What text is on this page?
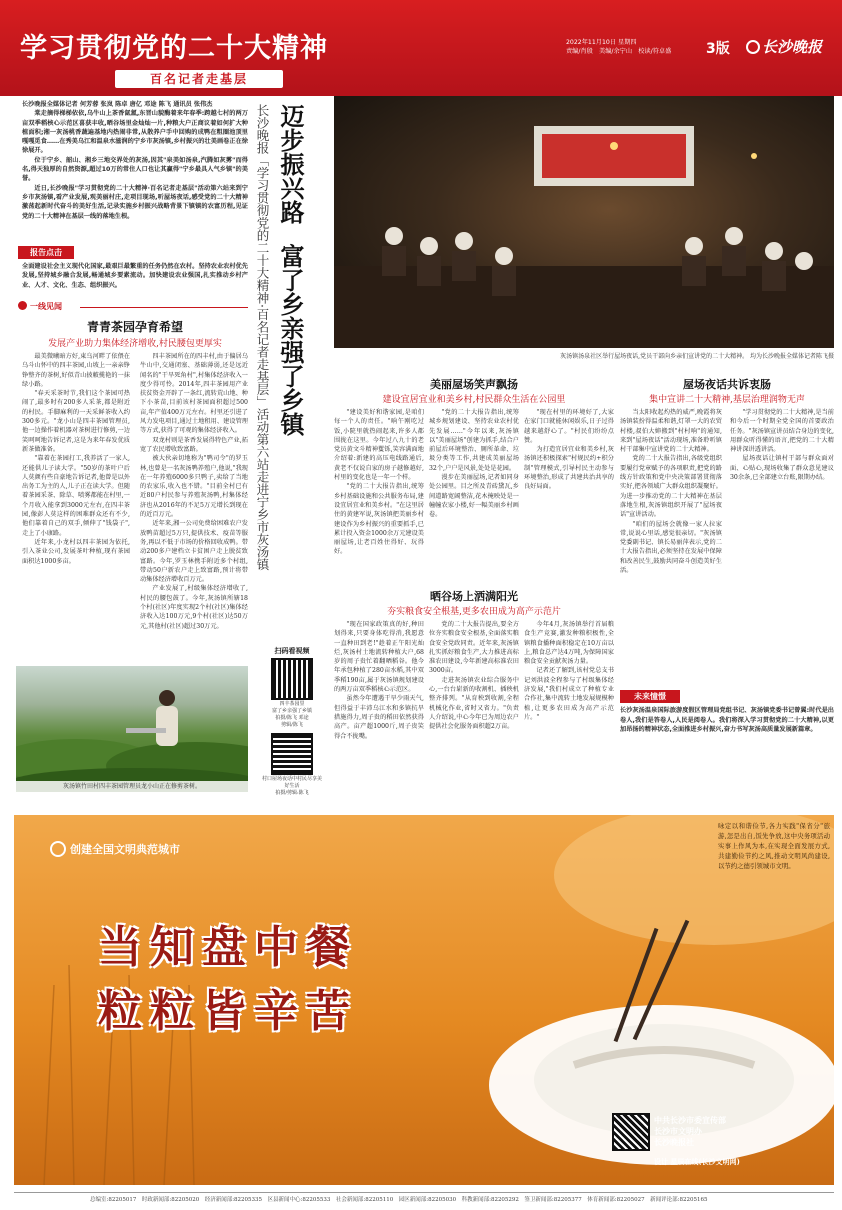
学习贯彻党的二十大精神
百名记者走基层
2022年11月10日 星期四
责编/肖殷　美编/余宁山　校读/符卓盛	3版	长沙晚报
长沙晚报全媒体记者 何芳蓉 张岚 陈卓 唐亿 邓途 陈飞 通讯员 张伟杰

棠走摘得梯梯依依,乌牛山上茶香氤氲,东晋山貌酶着来年春季:跨越七村的两万亩双季稻核心示范区喜获丰收,晒谷场里金灿灿一片,种粮大户正商议着如何扩大种植面积;湘一灰汤桃香蔬遍基地内热闹非常,从散养户手中回购的成鸭在粗圈池顶里嘎嘎觅食……在秀美乌江和温泉水滋润的宁乡市灰汤镇,乡村振兴的壮美画卷正在徐徐展开。

位于宁乡、韶山、湘乡三地交界处的灰汤,因其"泉美如汤泉,汽腾如灰雾"而得名,得天独厚的自然资源,超过10万的常住人口也让其赢得"宁乡最具人气乡镇"的美誉。

近日,长沙晚报"学习贯彻党的二十大精神·百名记者走基层"活动第六站来到宁乡市灰汤镇,看产业发展,观美丽村庄,走项目现场,听屋场夜话,感受党的二十大精神激荡起新时代奋斗的美好生活,记录实施乡村振兴战略背景下镇镇的农富历程,见证党的二十大精神在基层一线的落地生根。

报告点击
全面建设社会主义现代化国家,最艰巨最繁重的任务仍然在农村。坚持农业农村优先发展,坚持城乡融合发展,畅通城乡要素流动。加快建设农业强国,扎实推动乡村产业、人才、文化、生态、组织振兴。
一线见闻
青青茶园孕育希望
发展产业助力集体经济增收,村民腰包更厚实

最美微曦暗方好,東乌河畔了依偎在乌斗山怀中的四丰茶园,山坡上一亲亲铮铮整齐的茶树,好似青山披帔揽艳的一抹绿小路。

"春天采茶时节,我们这个茶园可热闹了,最多时有200多人采茶,都是附近的村民。手脚麻利的一天采鲜茶收入约300多元。"龙小山是四丰茶园管理员,他一边操作着机器对茶树进行修剪,一边笑呵呵地告诉记者,这是为来年春发优质新茶做准备。

"靠着在茶园打工,我养活了一家人,还能供儿子读大学。"50岁的茶叶户后人莫颜有些自豪地告诉记者,他曾是以外出务工为主的人,儿子正在读大学。但随着茶园采茶、除草、喷雾都能在村里,一个月收入能拿到3000元左右,在四丰茶园,像彭人莫这样的困难群众还有不少,他们靠着自己的双手,倾伸了"钱袋子",走上了小康路。

近年来,小龙村以四丰茶园为依托,引入茶业公司,发展茶叶种植,现有茶园面积达1000多亩。

四丰茶园所在的四丰村,由于偏居乌牛山中,交通闭塞、基础薄弱,还是远近闻名的"干旱死角村",村集体经济收入一度少得可怜。2014年,四丰茶园用产业扶贫资金开辟了一条红,流转荒山地、种下小茶苗,目前该村茶园面积超过500亩,年产值400万元左右。村里还引进了风力发电项目,通过土地租用、建设管理等方式,获得了可观的集体经济收入。

双龙村则是茶香发展得特色产业,拓宽了农民增收致富路。

被大伙亲切地称为"鸭司令"的罗玉林,也曾是一名灰汤鸭养殖户,他说,"我现在一年养殖6000多只鸭子,卖给了当地的农家乐,收入也不错。"目前全村已有近80户村民参与养殖灰汤鸭,村集体经济也从2016年的不足5万元增长到现在的近百万元。

近年来,湘一公司免费给困难农户发放鸭苗超过5万只,提供技术、疫苗等服务,再以不低于市场的价格回收成鸭。带动200多户建档立卡贫困户走上脱贫致富路。今年,罗玉林携手附近多个村组,带动50户新农户走上致富路,预计将带动集体经济增收百万元。

产业发展了,村级集体经济增收了,村民的腰包鼓了。今年,灰汤镇所辖18个村(社区)年度实现2个村(社区)集体经济收入达100万元,9个村(社区)达50万元,其他村(社区)超过30万元。

灰汤镇竹田村四丰茶园管理员龙小山正在修剪茶树。
迈步振兴路
富了乡亲强了乡镇
长沙晚报「学习贯彻党的二十大精神·百名记者走基层」活动第六站走进宁乡市灰汤镇
扫码看视频
四丰茶园里
富了乡亲强了乡镇
拍摄/陈飞 邓途
剪辑/陈飞
村口屋场夜话中村民尽享美好生活
拍摄/剪辑:陈飞
灰汤镇汤泉社区举行屋场夜话,党员干部向乡亲们宣讲党的二十大精神。 均为长沙晚报全媒体记者陈飞摄
美丽屋场笑声飘扬
建设宜居宜业和美乡村,村民群众生活在公园里

"建设美好和谐家园,是咱们每一个人的责任。"晌午刚吃过饭,小院里就热闹起来,许多人都围拢在这里。今年过八九十的老党员黄文斗精神矍铄,笑容满面地介绍着:新建的高压电线路通后,黄老不仅说自家的房子越修越好,村里的变化也是一年一个样。

"党的二十大报告指出,统筹乡村基础设施和公共服务布局,建设宜居宜业和美乡村。"在这里居住的黄建军说,灰汤镇把美丽乡村建设作为乡村振兴的重要抓手,已累计投入资金1000余万元建设美丽屋场,让老百姓住得好、玩得好。

"党的二十大报告指出,统筹城乡规划建设、坚持农业农村优先发展……"今年以来,灰汤镇以"美丽屋场"创建为抓手,结合户前屋后环境整治、厕所革命、垃圾分类等工作,共建成美丽屋场32个,户户是风景,处处是花园。

漫步在美丽屋场,记者如同身处公园里。目之所及青砖黛瓦,乡间道路宽阔整洁,花木掩映处是一幢幢农家小楼,好一幅美丽乡村画卷。

"现在村里的环境好了,大家在家门口就能休闲娱乐,日子过得越来越舒心了。"村民们纷纷点赞。

为打造宜居宜业和美乡村,灰汤镇还积极探索"村规民约+积分制"管理模式,引导村民主动参与环境整治,形成了共建共治共享的良好局面。

晒谷场上洒满阳光
夯实粮食安全根基,更多农田成为高产示范片

"现在国家政策真的好,种田划得来,只要身体吃得消,我愿意一直种田到老!"趁着正午阳光灿烂,灰汤村土地流转种植大户,68岁的周子贵忙着翻晒稻谷。他今年承包种植了280亩水稻,其中双季稻190亩,属于灰汤镇规划建设的两万亩双季稻核心示范区。

虽然今年遭遇干旱少雨天气,但得益于丰沛乌江水和多镇抗旱措施得力,周子贵的稻田依然获得高产。亩产超1000斤,周子贵笑得合不拢嘴。

党的二十大报告提出,要全方位夯实粮食安全根基,全面落实粮食安全党政同责。近年来,灰汤镇扎实抓好粮食生产,大力推进高标准农田建设,今年新建高标准农田3000亩。

走进灰汤镇农业综合服务中心,一台台崭新的收割机、插秧机整齐排列。"从育秧到收割,全程机械化作业,省时又省力。"负责人介绍说,中心今年已为周边农户提供社会化服务面积超2万亩。

今年4月,灰汤镇举行首届粮食生产竞赛,激发种粮积极性,全镇粮食播种面积稳定在10万亩以上,粮食总产达4万吨,为保障国家粮食安全贡献灰汤力量。

记者还了解到,该村党总支书记刘洪波全程参与了村级集体经济发展,"我们村成立了种植专业合作社,集中流转土地发展规模种植,让更多农田成为高产示范片。"

屋场夜话共诉衷肠
集中宣讲二十大精神,基层治理润物无声

当太阳收起灼热的威严,晚霞将灰汤镇装扮得温柔和谐,灯罩一大的农贸村楼,叔伯大婶搬到"村村响"的通知,来到"屋场夜话"活动现场,准备聆听镇村干部集中宣讲党的二十大精神。

党的二十大报告指出,各级党组织要履行党章赋予的各项职责,把党的路线方针政策和党中央决策部署贯彻落实好,把各领域广大群众组织凝聚好。为进一步推动党的二十大精神在基层落地生根,灰汤镇组织开展了"屋场夜话"宣讲活动。

"咱们的屋场会就像一家人拉家常,说说心里话,感觉很亲切。"灰汤镇党委副书记、镇长易丽萍表示,党的二十大报告指出,必须坚持在发展中保障和改善民生,鼓励共同奋斗创造美好生活。

"学习贯彻党的二十大精神,是当前和今后一个时期全党全国的首要政治任务。"灰汤镇宣讲员结合身边的变化,用群众听得懂的语言,把党的二十大精神讲深讲透讲活。

屋场夜话让镇村干部与群众面对面、心贴心,现场收集了群众意见建议30余条,已全部建立台账,限期办结。

未来憧憬
长沙灰汤温泉国际旅游度假区管理局党组书记、灰汤镇党委书记曾翼:时代是出卷人,我们是答卷人,人民是阅卷人。我们将深入学习贯彻党的二十大精神,以更加昂扬的精神状态,全面推进乡村振兴,奋力书写灰汤高质量发展新篇章。
创建全国文明典范城市
当知盘中餐
粒粒皆辛苦
咏定以和谐俭节,各力实践"保省分"旅游,怎是出自,饭先争放,这中央务项活动实事上作风为本,在实现全面发展方式,共建勤俭节约之风,推动文明风尚建设,以节约之德引领城市文明。
中共长沙市委宣传部
长沙市文明办
长沙晚报社
设计 星辰在线(长沙文明网)
总编室:82205017　时政新闻部:82205020　经济新闻部:82205335　区县新闻中心:82205533　社会新闻部:82205110　园区新闻部:82205030　科教新闻部:82205292　签卫新闻部:82205377　体育新闻部:82205027　新闻评论部:82205165
